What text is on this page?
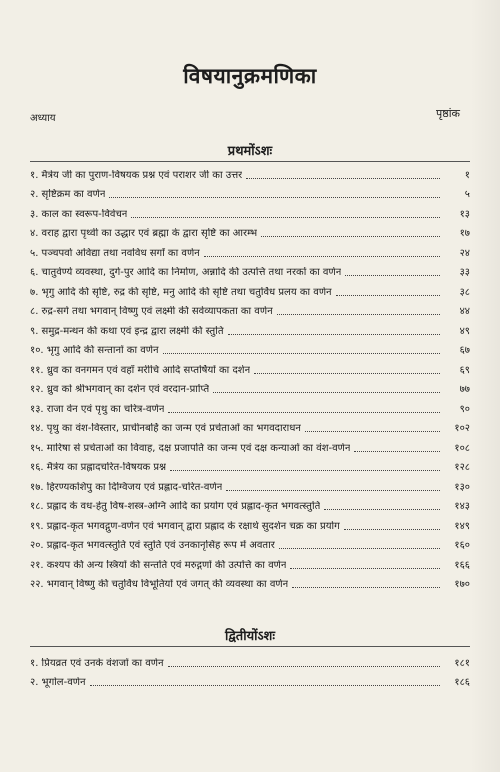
विषयानुक्रमणिका
अध्याय	पृष्ठांक
प्रथमोंऽशः
१. मैत्रेय जी का पुराण-विषयक प्रश्न एवं पराशर जी का उत्तर	१
२. सृष्टिक्रम का वर्णन	५
३. काल का स्वरूप-विवेचन	१३
४. वराह द्वारा पृथ्वी का उद्धार एवं ब्रह्मा के द्वारा सृष्टि का आरम्भ	१७
५. पञ्चपर्वा अविद्या तथा नवविध सर्गों का वर्णन	२४
६. चातुर्वर्ण्य व्यवस्था, दुर्ग-पुर आदि का निर्माण, अन्नादि की उत्पत्ति तथा नरकों का वर्णन	३३
७. भृगु आदि की सृष्टि, रुद्र की सृष्टि, मनु आदि की सृष्टि तथा चतुर्विध प्रलय का वर्णन	३८
८. रुद्र-सर्ग तथा भगवान् विष्णु एवं लक्ष्मी की सर्वव्यापकता का वर्णन	४४
९. समुद्र-मन्थन की कथा एवं इन्द्र द्वारा लक्ष्मी की स्तुति	४९
१०. भृगु आदि की सन्तानों का वर्णन	६७
११. ध्रुव का वनगमन एवं वहाँ मरीचि आदि सप्तर्षियों का दर्शन	६९
१२. ध्रुव को श्रीभगवान् का दर्शन एवं वरदान-प्राप्ति	७७
१३. राजा वेन एवं पृथु का चरित्र-वर्णन	९०
१४. पृथु का वंश-विस्तार, प्राचीनबर्हि का जन्म एवं प्रचेताओं का भगवदाराधन	१०२
१५. मारिषा से प्रचेताओं का विवाह, दक्ष प्रजापति का जन्म एवं दक्ष कन्याओं का वंश-वर्णन	१०८
१६. मैत्रेय का प्रह्लादचरित-विषयक प्रश्न	१२८
१७. हिरण्यकशिपु का दिग्विजय एवं प्रह्लाद-चरित-वर्णन	१३०
१८. प्रह्लाद के वध-हेतु विष-शस्त्र-अग्नि आदि का प्रयोग एवं प्रह्लाद-कृत भगवत्स्तुति	१४३
१९. प्रह्लाद-कृत भगवद्गुण-वर्णन एवं भगवान् द्वारा प्रह्लाद के रक्षार्थ सुदर्शन चक्र का प्रयोग	१४९
२०. प्रह्लाद-कृत भगवत्स्तुति एवं स्तुति एवं उनकानृसिंह रूप में अवतार	१६०
२१. कश्यप की अन्य स्त्रियों की सन्तति एवं मरुद्गणों की उत्पत्ति का वर्णन	१६६
२२. भगवान् विष्णु की चतुर्विध विभूतियों एवं जगत् की व्यवस्था का वर्णन	१७०
द्वितीयोंऽशः
१. प्रियव्रत एवं उनके वंशजों का वर्णन	१८१
२. भूगोल-वर्णन	१८६
